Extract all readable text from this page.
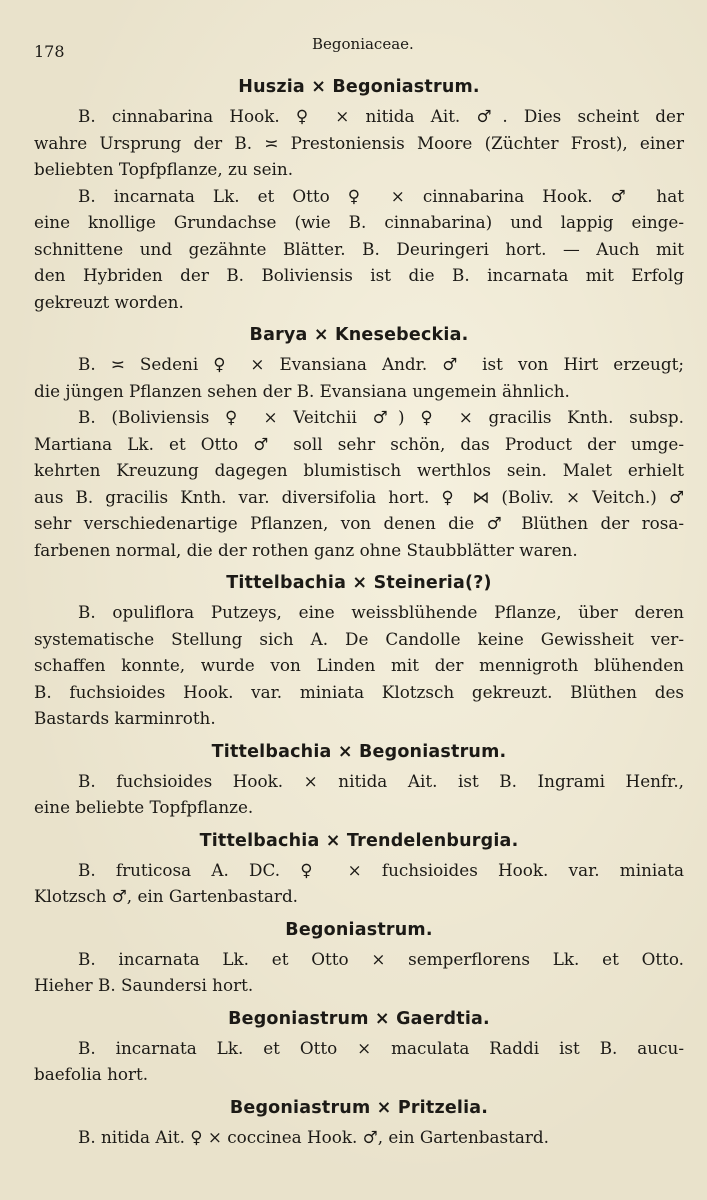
178	Begoniaceae.
Huszia × Begoniastrum.
B. cinnabarina Hook. ♀ × nitida Ait. ♂. Dies scheint der
wahre Ursprung der B. ≍ Prestoniensis Moore (Züchter Frost), einer
beliebten Topfpflanze, zu sein.
B. incarnata Lk. et Otto ♀ × cinnabarina Hook. ♂ hat
eine knollige Grundachse (wie B. cinnabarina) und lappig einge-
schnittene und gezähnte Blätter. B. Deuringeri hort. — Auch mit
den Hybriden der B. Boliviensis ist die B. incarnata mit Erfolg
gekreuzt worden.
Barya × Knesebeckia.
B. ≍ Sedeni ♀ × Evansiana Andr. ♂ ist von Hirt erzeugt;
die jüngen Pflanzen sehen der B. Evansiana ungemein ähnlich.
B. (Boliviensis ♀ × Veitchii ♂) ♀ × gracilis Knth. subsp.
Martiana Lk. et Otto ♂ soll sehr schön, das Product der umge-
kehrten Kreuzung dagegen blumistisch werthlos sein. Malet erhielt
aus B. gracilis Knth. var. diversifolia hort. ♀ ⋈ (Boliv. × Veitch.) ♂
sehr verschiedenartige Pflanzen, von denen die ♂ Blüthen der rosa-
farbenen normal, die der rothen ganz ohne Staubblätter waren.
Tittelbachia × Steineria(?)
B. opuliflora Putzeys, eine weissblühende Pflanze, über deren
systematische Stellung sich A. De Candolle keine Gewissheit ver-
schaffen konnte, wurde von Linden mit der mennigroth blühenden
B. fuchsioides Hook. var. miniata Klotzsch gekreuzt. Blüthen des
Bastards karminroth.
Tittelbachia × Begoniastrum.
B. fuchsioides Hook. × nitida Ait. ist B. Ingrami Henfr.,
eine beliebte Topfpflanze.
Tittelbachia × Trendelenburgia.
B. fruticosa A. DC. ♀ × fuchsioides Hook. var. miniata
Klotzsch ♂, ein Gartenbastard.
Begoniastrum.
B. incarnata Lk. et Otto × semperflorens Lk. et Otto.
Hieher B. Saundersi hort.
Begoniastrum × Gaerdtia.
B. incarnata Lk. et Otto × maculata Raddi ist B. aucu-
baefolia hort.
Begoniastrum × Pritzelia.
B. nitida Ait. ♀ × coccinea Hook. ♂, ein Gartenbastard.
